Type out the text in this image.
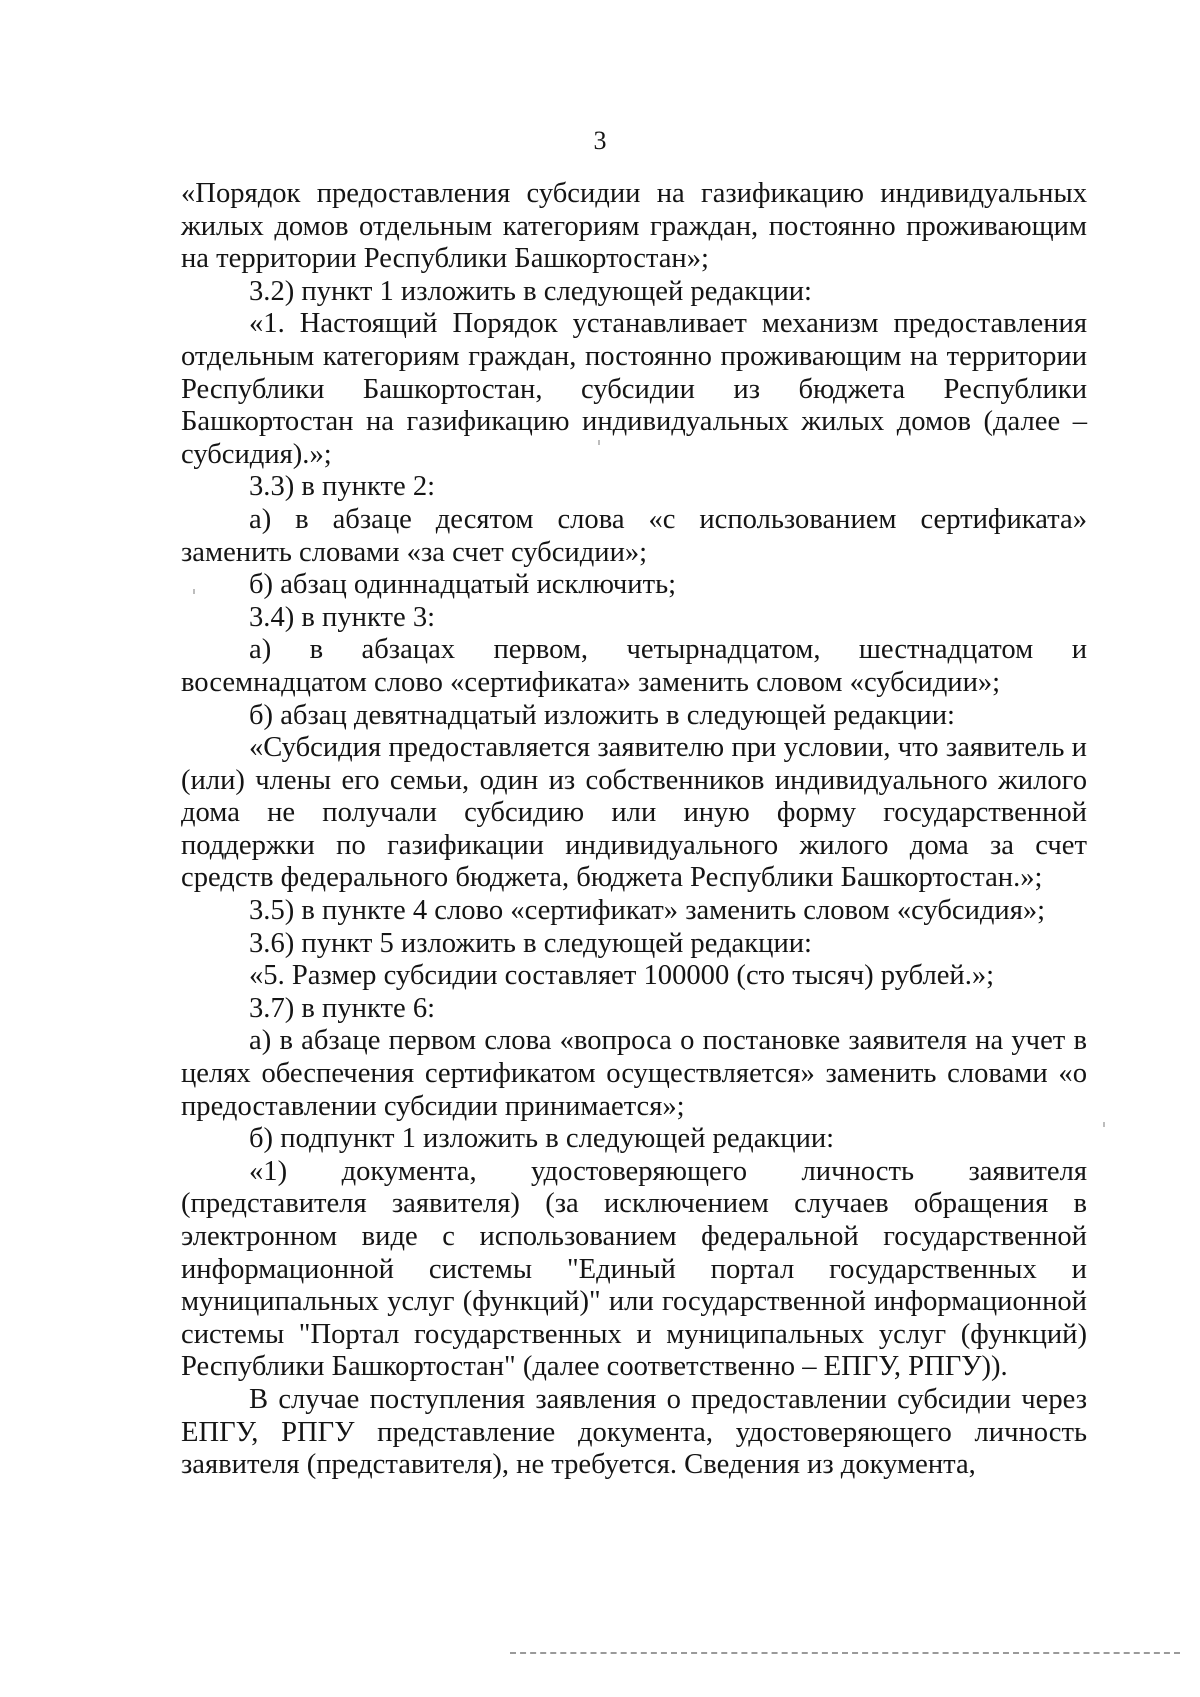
3

«Порядок предоставления субсидии на газификацию индивидуальных жилых домов отдельным категориям граждан, постоянно проживающим на территории Республики Башкортостан»;

3.2) пункт 1 изложить в следующей редакции:

«1. Настоящий Порядок устанавливает механизм предоставления отдельным категориям граждан, постоянно проживающим на территории Республики Башкортостан, субсидии из бюджета Республики Башкортостан на газификацию индивидуальных жилых домов (далее – субсидия).»;

3.3) в пункте 2:

а) в абзаце десятом слова «с использованием сертификата» заменить словами «за счет субсидии»;

б) абзац одиннадцатый исключить;

3.4) в пункте 3:

а) в абзацах первом, четырнадцатом, шестнадцатом и восемнадцатом слово «сертификата» заменить словом «субсидии»;

б) абзац девятнадцатый изложить в следующей редакции:

«Субсидия предоставляется заявителю при условии, что заявитель и (или) члены его семьи, один из собственников индивидуального жилого дома не получали субсидию или иную форму государственной поддержки по газификации индивидуального жилого дома за счет средств федерального бюджета, бюджета Республики Башкортостан.»;

3.5) в пункте 4 слово «сертификат» заменить словом «субсидия»;

3.6) пункт 5 изложить в следующей редакции:

«5. Размер субсидии составляет 100000 (сто тысяч) рублей.»;

3.7) в пункте 6:

а) в абзаце первом слова «вопроса о постановке заявителя на учет в целях обеспечения сертификатом осуществляется» заменить словами «о предоставлении субсидии принимается»;

б) подпункт 1 изложить в следующей редакции:

«1) документа, удостоверяющего личность заявителя (представителя заявителя) (за исключением случаев обращения в электронном виде с использованием федеральной государственной информационной системы "Единый портал государственных и муниципальных услуг (функций)" или государственной информационной системы "Портал государственных и муниципальных услуг (функций) Республики Башкортостан" (далее соответственно – ЕПГУ, РПГУ)).

В случае поступления заявления о предоставлении субсидии через ЕПГУ, РПГУ представление документа, удостоверяющего личность заявителя (представителя), не требуется. Сведения из документа,
